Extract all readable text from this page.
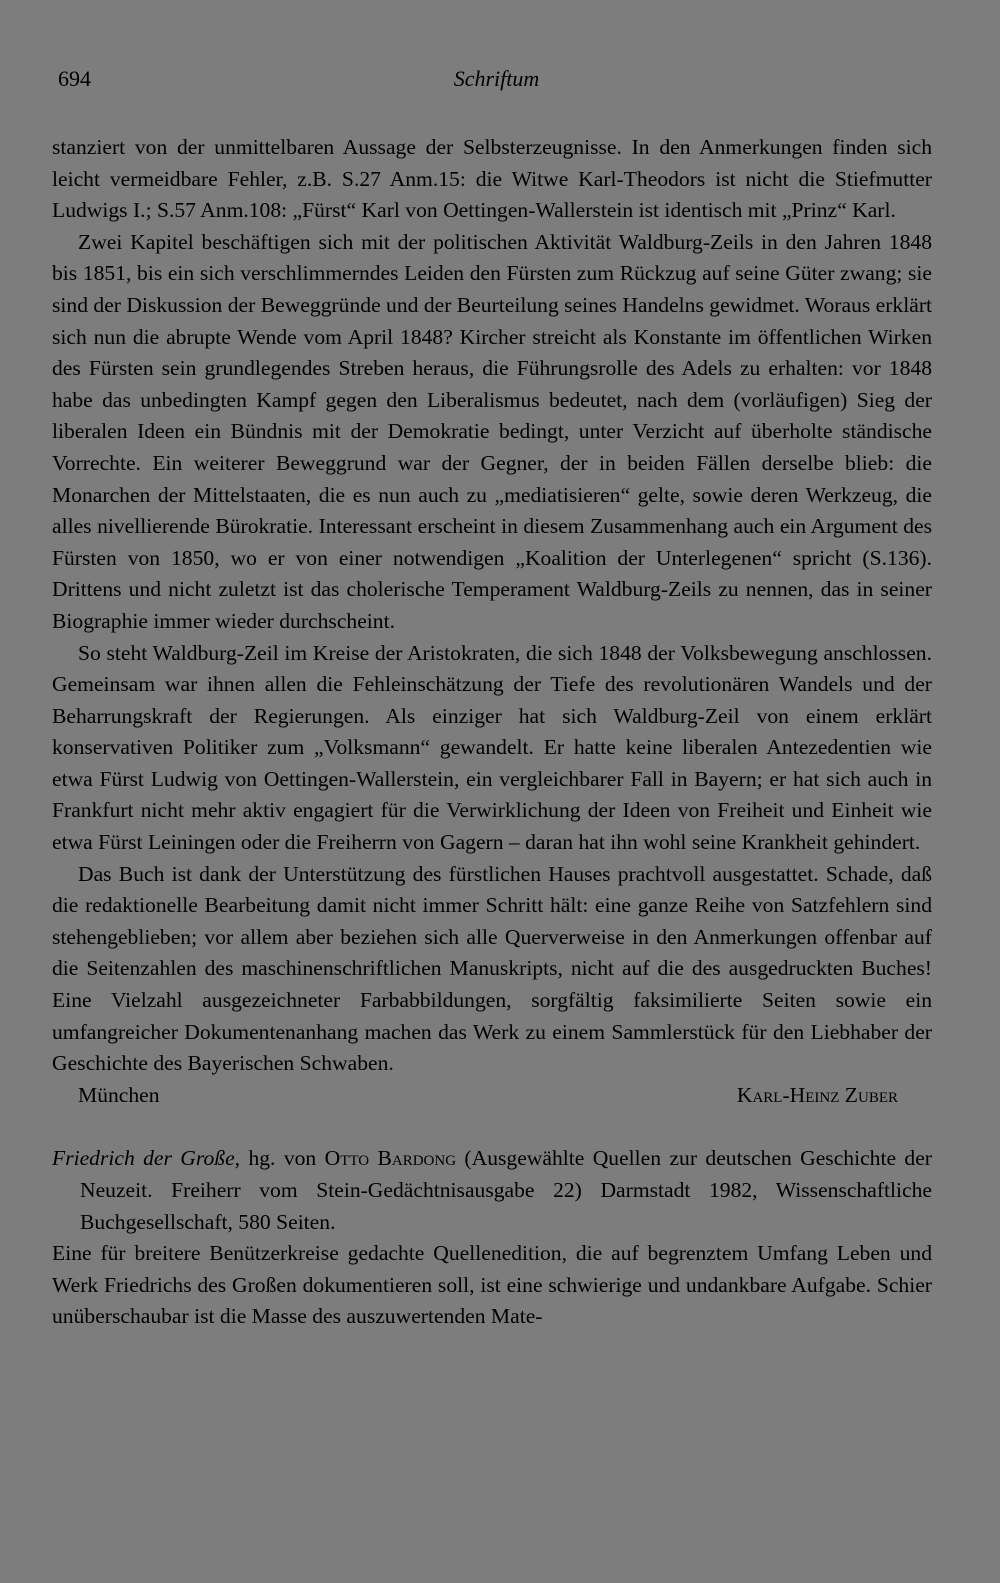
694	Schriftum

stanziert von der unmittelbaren Aussage der Selbsterzeugnisse. In den Anmerkungen finden sich leicht vermeidbare Fehler, z.B. S.27 Anm.15: die Witwe Karl-Theodors ist nicht die Stiefmutter Ludwigs I.; S.57 Anm.108: „Fürst“ Karl von Oettingen-Wallerstein ist identisch mit „Prinz“ Karl.

Zwei Kapitel beschäftigen sich mit der politischen Aktivität Waldburg-Zeils in den Jahren 1848 bis 1851, bis ein sich verschlimmerndes Leiden den Fürsten zum Rückzug auf seine Güter zwang; sie sind der Diskussion der Beweggründe und der Beurteilung seines Handelns gewidmet. Woraus erklärt sich nun die abrupte Wende vom April 1848? Kircher streicht als Konstante im öffentlichen Wirken des Fürsten sein grundlegendes Streben heraus, die Führungsrolle des Adels zu erhalten: vor 1848 habe das unbedingten Kampf gegen den Liberalismus bedeutet, nach dem (vorläufigen) Sieg der liberalen Ideen ein Bündnis mit der Demokratie bedingt, unter Verzicht auf überholte ständische Vorrechte. Ein weiterer Beweggrund war der Gegner, der in beiden Fällen derselbe blieb: die Monarchen der Mittelstaaten, die es nun auch zu „mediatisieren“ gelte, sowie deren Werkzeug, die alles nivellierende Bürokratie. Interessant erscheint in diesem Zusammenhang auch ein Argument des Fürsten von 1850, wo er von einer notwendigen „Koalition der Unterlegenen“ spricht (S.136). Drittens und nicht zuletzt ist das cholerische Temperament Waldburg-Zeils zu nennen, das in seiner Biographie immer wieder durchscheint.

So steht Waldburg-Zeil im Kreise der Aristokraten, die sich 1848 der Volksbewegung anschlossen. Gemeinsam war ihnen allen die Fehleinschätzung der Tiefe des revolutionären Wandels und der Beharrungskraft der Regierungen. Als einziger hat sich Waldburg-Zeil von einem erklärt konservativen Politiker zum „Volksmann“ gewandelt. Er hatte keine liberalen Antezedentien wie etwa Fürst Ludwig von Oettingen-Wallerstein, ein vergleichbarer Fall in Bayern; er hat sich auch in Frankfurt nicht mehr aktiv engagiert für die Verwirklichung der Ideen von Freiheit und Einheit wie etwa Fürst Leiningen oder die Freiherrn von Gagern – daran hat ihn wohl seine Krankheit gehindert.

Das Buch ist dank der Unterstützung des fürstlichen Hauses prachtvoll ausgestattet. Schade, daß die redaktionelle Bearbeitung damit nicht immer Schritt hält: eine ganze Reihe von Satzfehlern sind stehengeblieben; vor allem aber beziehen sich alle Querverweise in den Anmerkungen offenbar auf die Seitenzahlen des maschinenschriftlichen Manuskripts, nicht auf die des ausgedruckten Buches! Eine Vielzahl ausgezeichneter Farbabbildungen, sorgfältig faksimilierte Seiten sowie ein umfangreicher Dokumentenanhang machen das Werk zu einem Sammlerstück für den Liebhaber der Geschichte des Bayerischen Schwaben.

München	Karl-Heinz Zuber

Friedrich der Große, hg. von Otto Bardong (Ausgewählte Quellen zur deutschen Geschichte der Neuzeit. Freiherr vom Stein-Gedächtnisausgabe 22) Darmstadt 1982, Wissenschaftliche Buchgesellschaft, 580 Seiten.

Eine für breitere Benützerkreise gedachte Quellenedition, die auf begrenztem Umfang Leben und Werk Friedrichs des Großen dokumentieren soll, ist eine schwierige und undankbare Aufgabe. Schier unüberschaubar ist die Masse des auszuwertenden Mate-
